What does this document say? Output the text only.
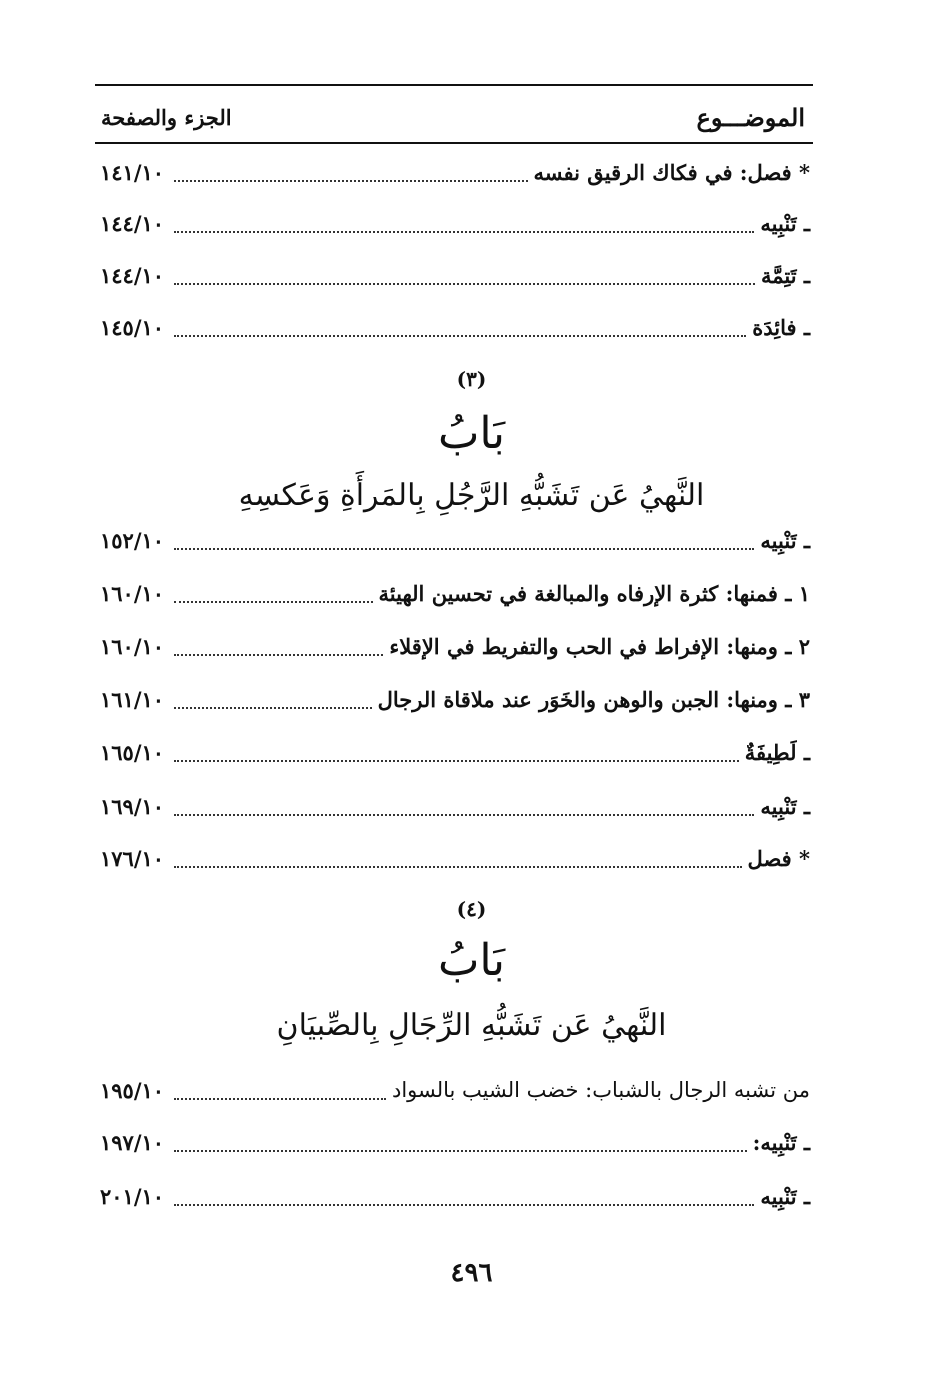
الجزء والصفحة	الموضـــوع
١٤١/١٠	* فصل: في فكاك الرقيق نفسه
١٤٤/١٠	ـ تَنْبِيه
١٤٤/١٠	ـ تَتِمَّة
١٤٥/١٠	ـ فائِدَة
(٣)
بَابُ
النَّهيُ عَن تَشَبُّهِ الرَّجُلِ بِالمَرأَةِ وَعَكسِهِ
١٥٢/١٠	ـ تَنْبِيه
١٦٠/١٠	١ ـ فمنها: كثرة الإرفاه والمبالغة في تحسين الهيئة
١٦٠/١٠	٢ ـ ومنها: الإفراط في الحب والتفريط في الإقلاء
١٦١/١٠	٣ ـ ومنها: الجبن والوهن والخَوَر عند ملاقاة الرجال
١٦٥/١٠	ـ لَطِيفَةٌ
١٦٩/١٠	ـ تَنْبِيه
١٧٦/١٠	* فصل
(٤)
بَابُ
النَّهيُ عَن تَشَبُّهِ الرِّجَالِ بِالصِّبيَانِ
١٩٥/١٠	من تشبه الرجال بالشباب: خضب الشيب بالسواد
١٩٧/١٠	ـ تَنْبِيه:
٢٠١/١٠	ـ تَنْبِيه
٤٩٦
